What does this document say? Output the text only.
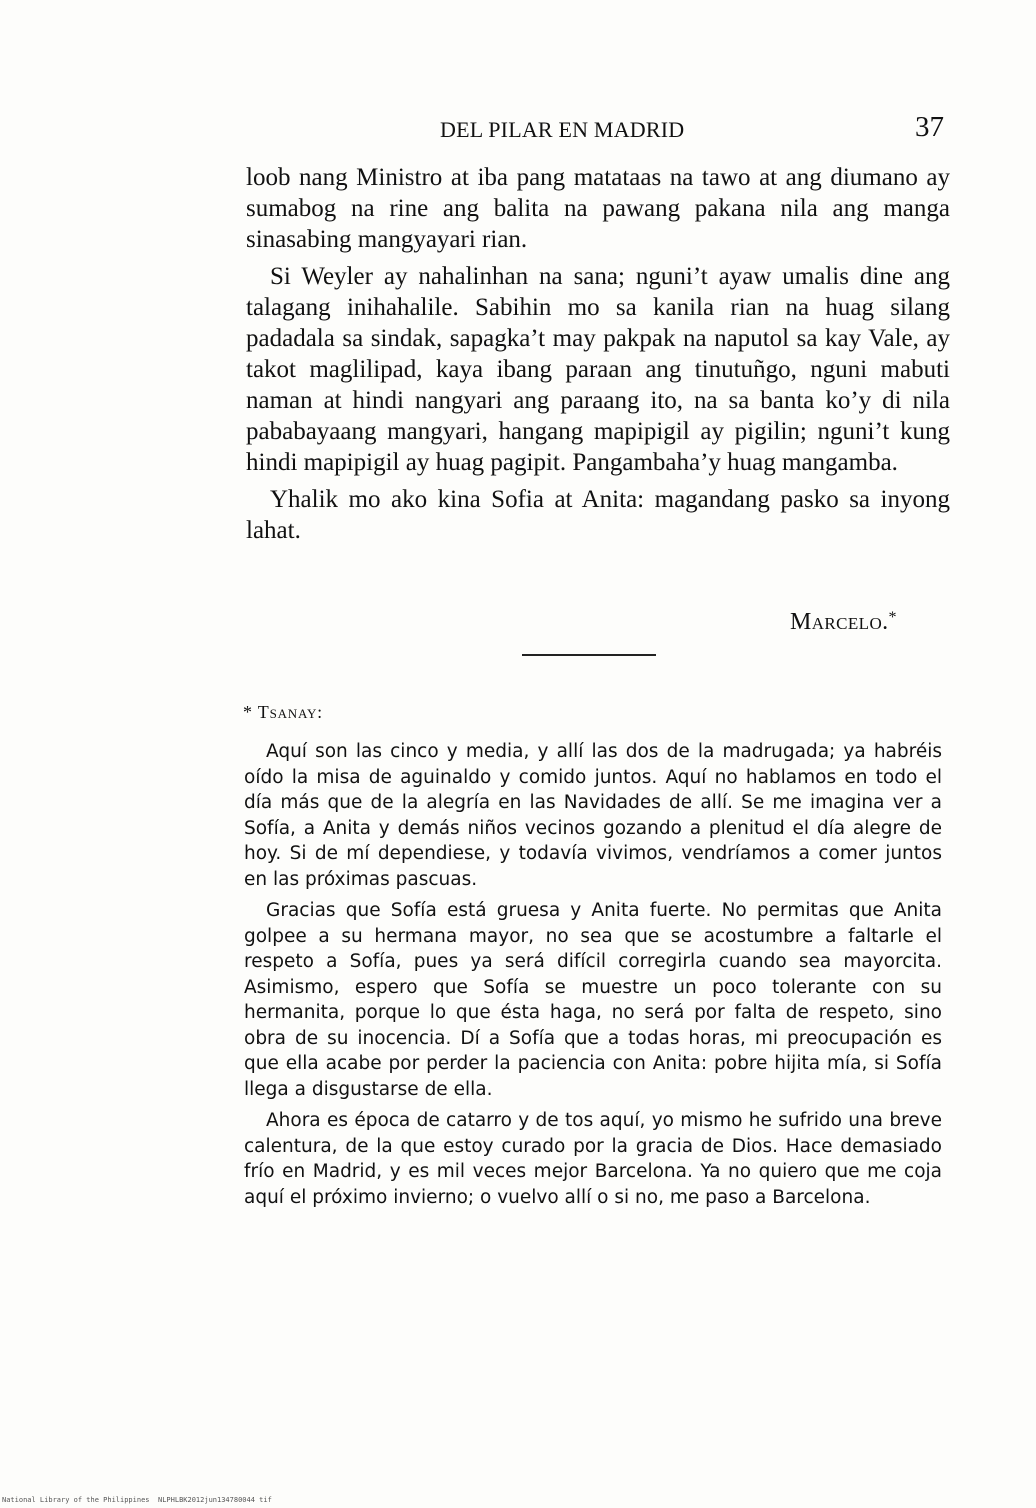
DEL PILAR EN MADRID	37

loob nang Ministro at iba pang matataas na tawo at ang diumano ay sumabog na rine ang balita na pawang pakana nila ang manga sinasabing mangyayari rian.

Si Weyler ay nahalinhan na sana; nguni’t ayaw umalis dine ang talagang inihahalile. Sabihin mo sa kanila rian na huag silang padadala sa sindak, sapagka’t may pakpak na naputol sa kay Vale, ay takot maglilipad, kaya ibang paraan ang tinutuñgo, nguni mabuti naman at hindi nangyari ang paraang ito, na sa banta ko’y di nila pababayaang mangyari, hangang mapipigil ay pigilin; nguni’t kung hindi mapipigil ay huag pagipit. Pangambaha’y huag mangamba.

Yhalik mo ako kina Sofia at Anita: magandang pasko sa inyong lahat.

Marcelo.*
* Tsanay:

Aquí son las cinco y media, y allí las dos de la madrugada; ya habréis oído la misa de aguinaldo y comido juntos. Aquí no hablamos en todo el día más que de la alegría en las Navidades de allí. Se me imagina ver a Sofía, a Anita y demás niños vecinos gozando a plenitud el día alegre de hoy. Si de mí dependiese, y todavía vivimos, vendríamos a comer juntos en las próximas pascuas.

Gracias que Sofía está gruesa y Anita fuerte. No permitas que Anita golpee a su hermana mayor, no sea que se acostumbre a faltarle el respeto a Sofía, pues ya será difícil corregirla cuando sea mayorcita. Asimismo, espero que Sofía se muestre un poco tolerante con su hermanita, porque lo que ésta haga, no será por falta de respeto, sino obra de su inocencia. Dí a Sofía que a todas horas, mi preocupación es que ella acabe por perder la paciencia con Anita: pobre hijita mía, si Sofía llega a disgustarse de ella.

Ahora es época de catarro y de tos aquí, yo mismo he sufrido una breve calentura, de la que estoy curado por la gracia de Dios. Hace demasiado frío en Madrid, y es mil veces mejor Barcelona. Ya no quiero que me coja aquí el próximo invierno; o vuelvo allí o si no, me paso a Barcelona.

National Library of the Philippines NLPHLBK2012jun134780044 tif
